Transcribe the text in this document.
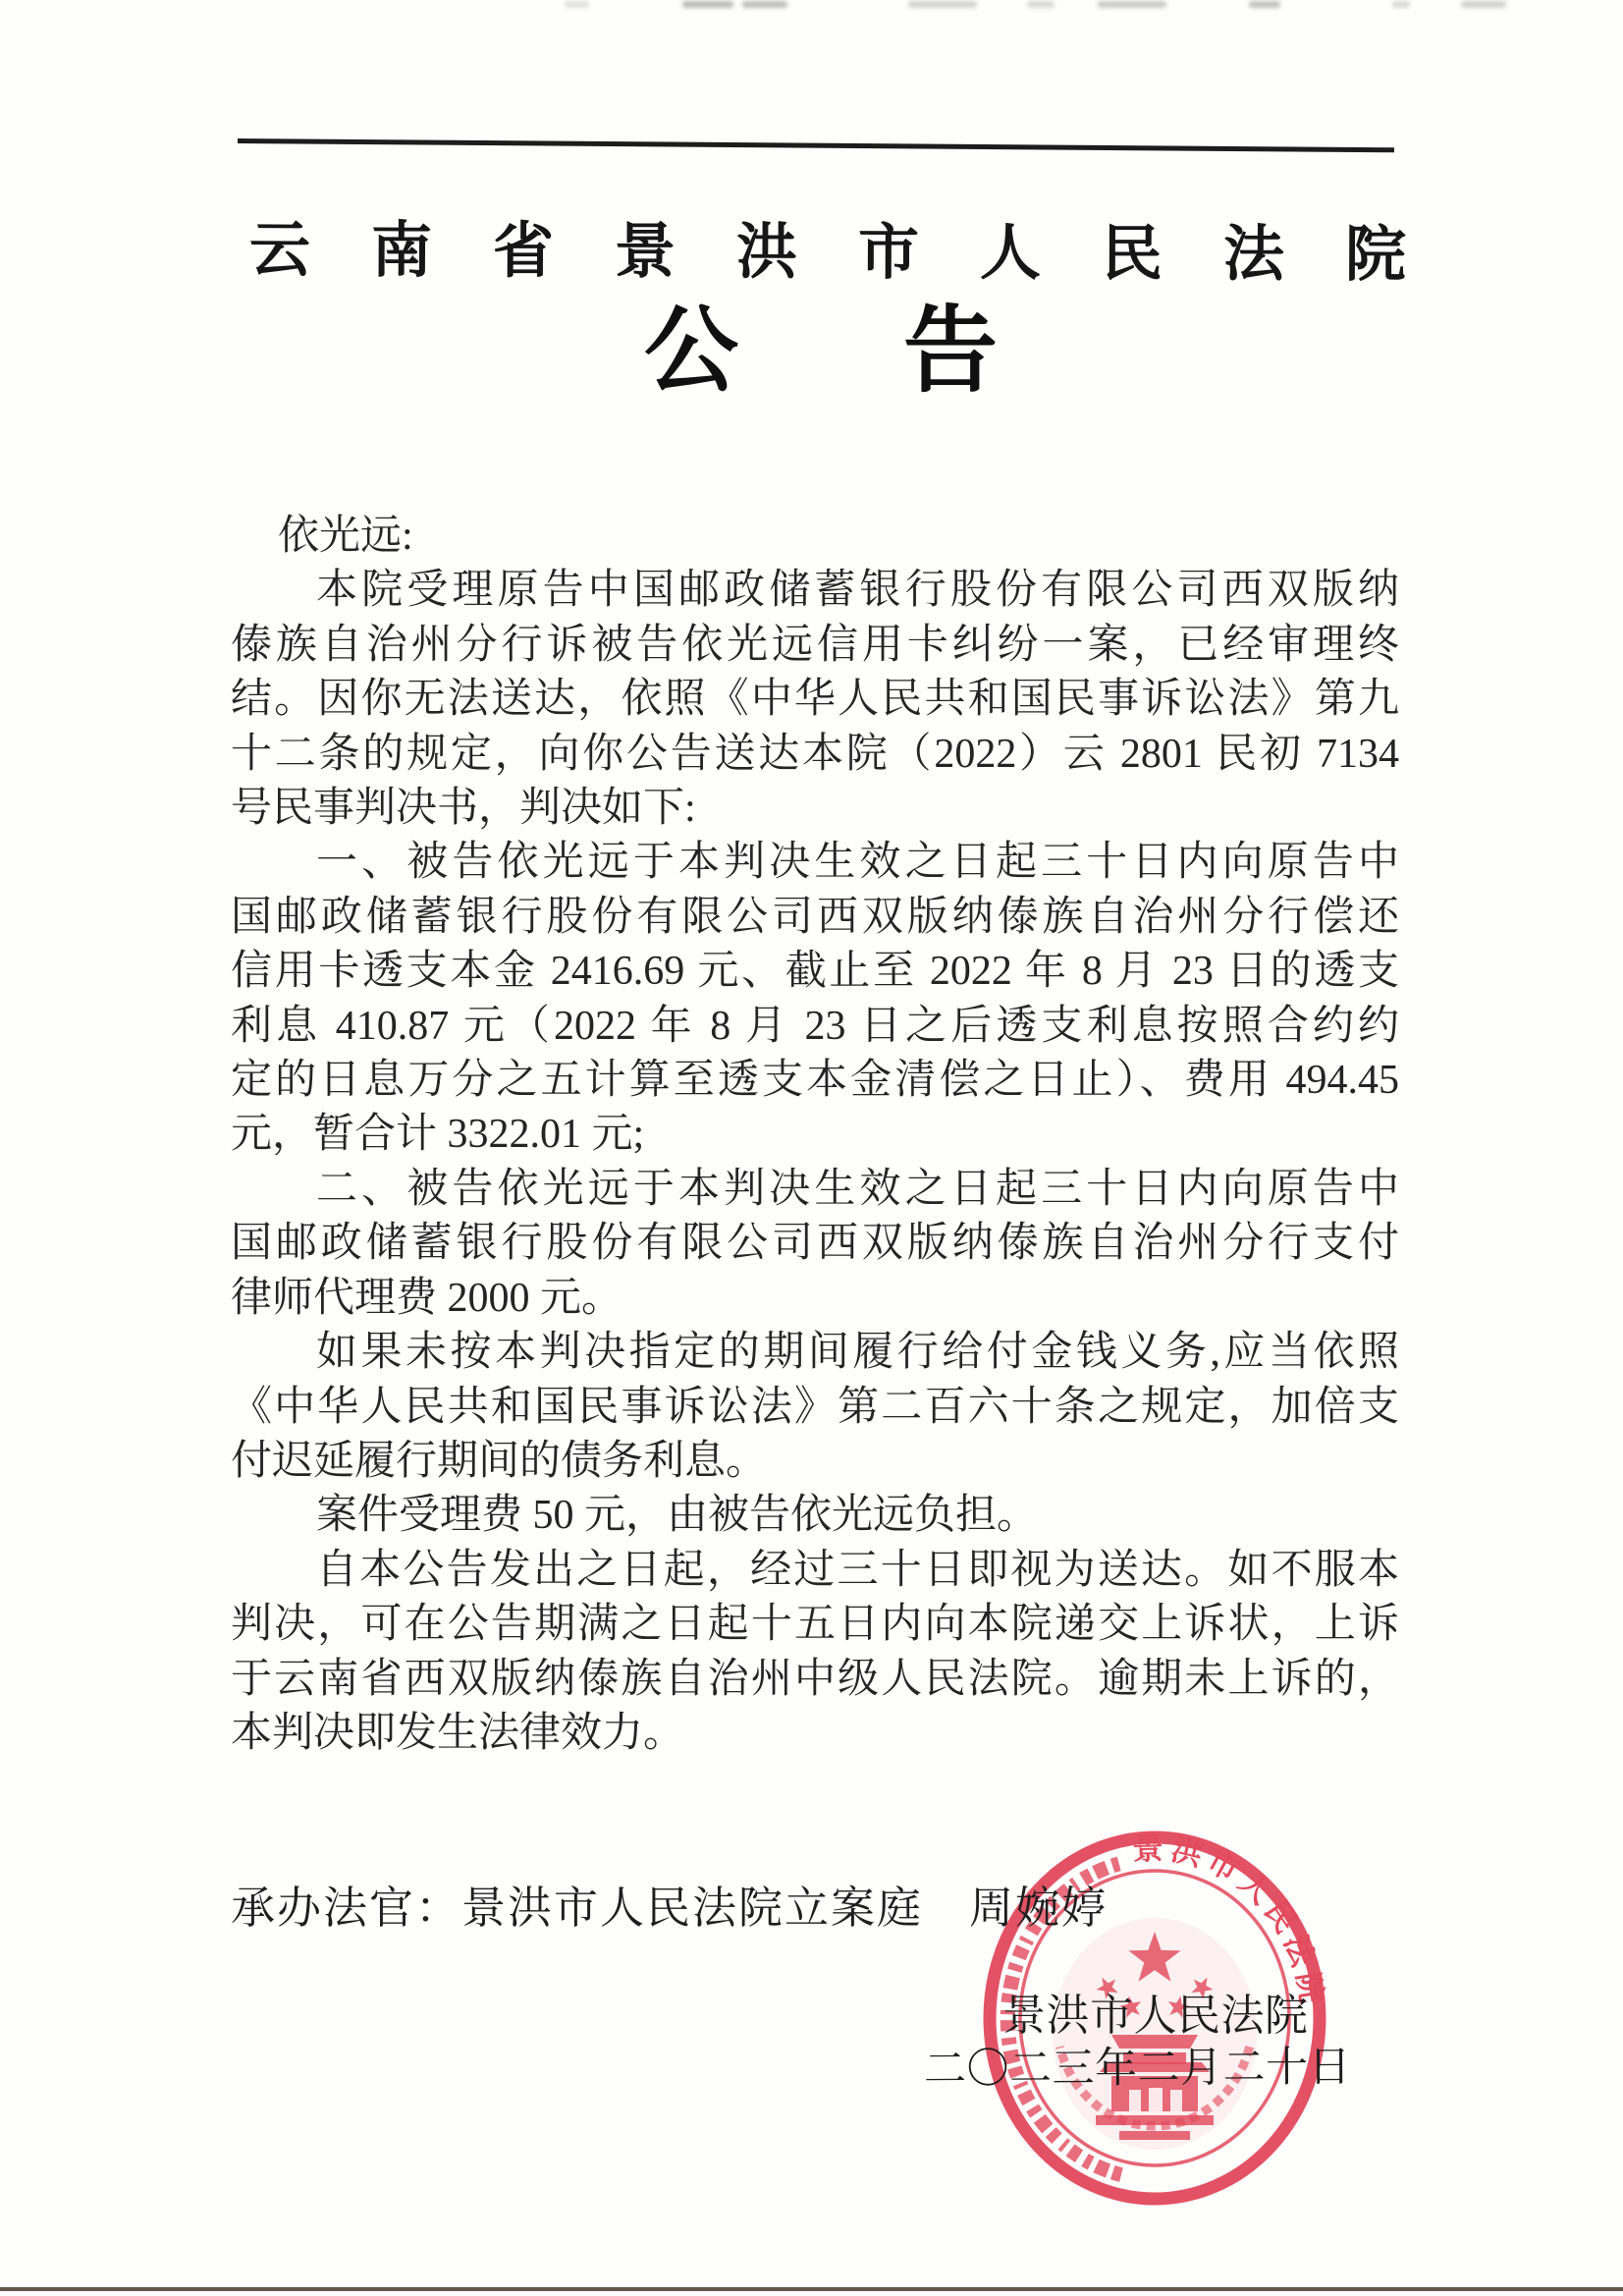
云南省景洪市人民法院
公 告
依光远:
本院受理原告中国邮政储蓄银行股份有限公司西双版纳
傣族自治州分行诉被告依光远信用卡纠纷一案，已经审理终
结。因你无法送达，依照《中华人民共和国民事诉讼法》第九
十二条的规定，向你公告送达本院（2022）云 2801 民初 7134
号民事判决书，判决如下:
一、被告依光远于本判决生效之日起三十日内向原告中
国邮政储蓄银行股份有限公司西双版纳傣族自治州分行偿还
信用卡透支本金 2416.69 元、截止至 2022 年 8 月 23 日的透支
利息 410.87 元（2022 年 8 月 23 日之后透支利息按照合约约
定的日息万分之五计算至透支本金清偿之日止）、费用 494.45
元，暂合计 3322.01 元;
二、被告依光远于本判决生效之日起三十日内向原告中
国邮政储蓄银行股份有限公司西双版纳傣族自治州分行支付
律师代理费 2000 元。
如果未按本判决指定的期间履行给付金钱义务,应当依照
《中华人民共和国民事诉讼法》第二百六十条之规定，加倍支
付迟延履行期间的债务利息。
案件受理费 50 元，由被告依光远负担。
自本公告发出之日起，经过三十日即视为送达。如不服本
判决，可在公告期满之日起十五日内向本院递交上诉状，上诉
于云南省西双版纳傣族自治州中级人民法院。逾期未上诉的，
本判决即发生法律效力。
承办法官：景洪市人民法院立案庭　周婉婷
景洪市人民法院
景洪市人民法院
二〇二三年二月二十日
